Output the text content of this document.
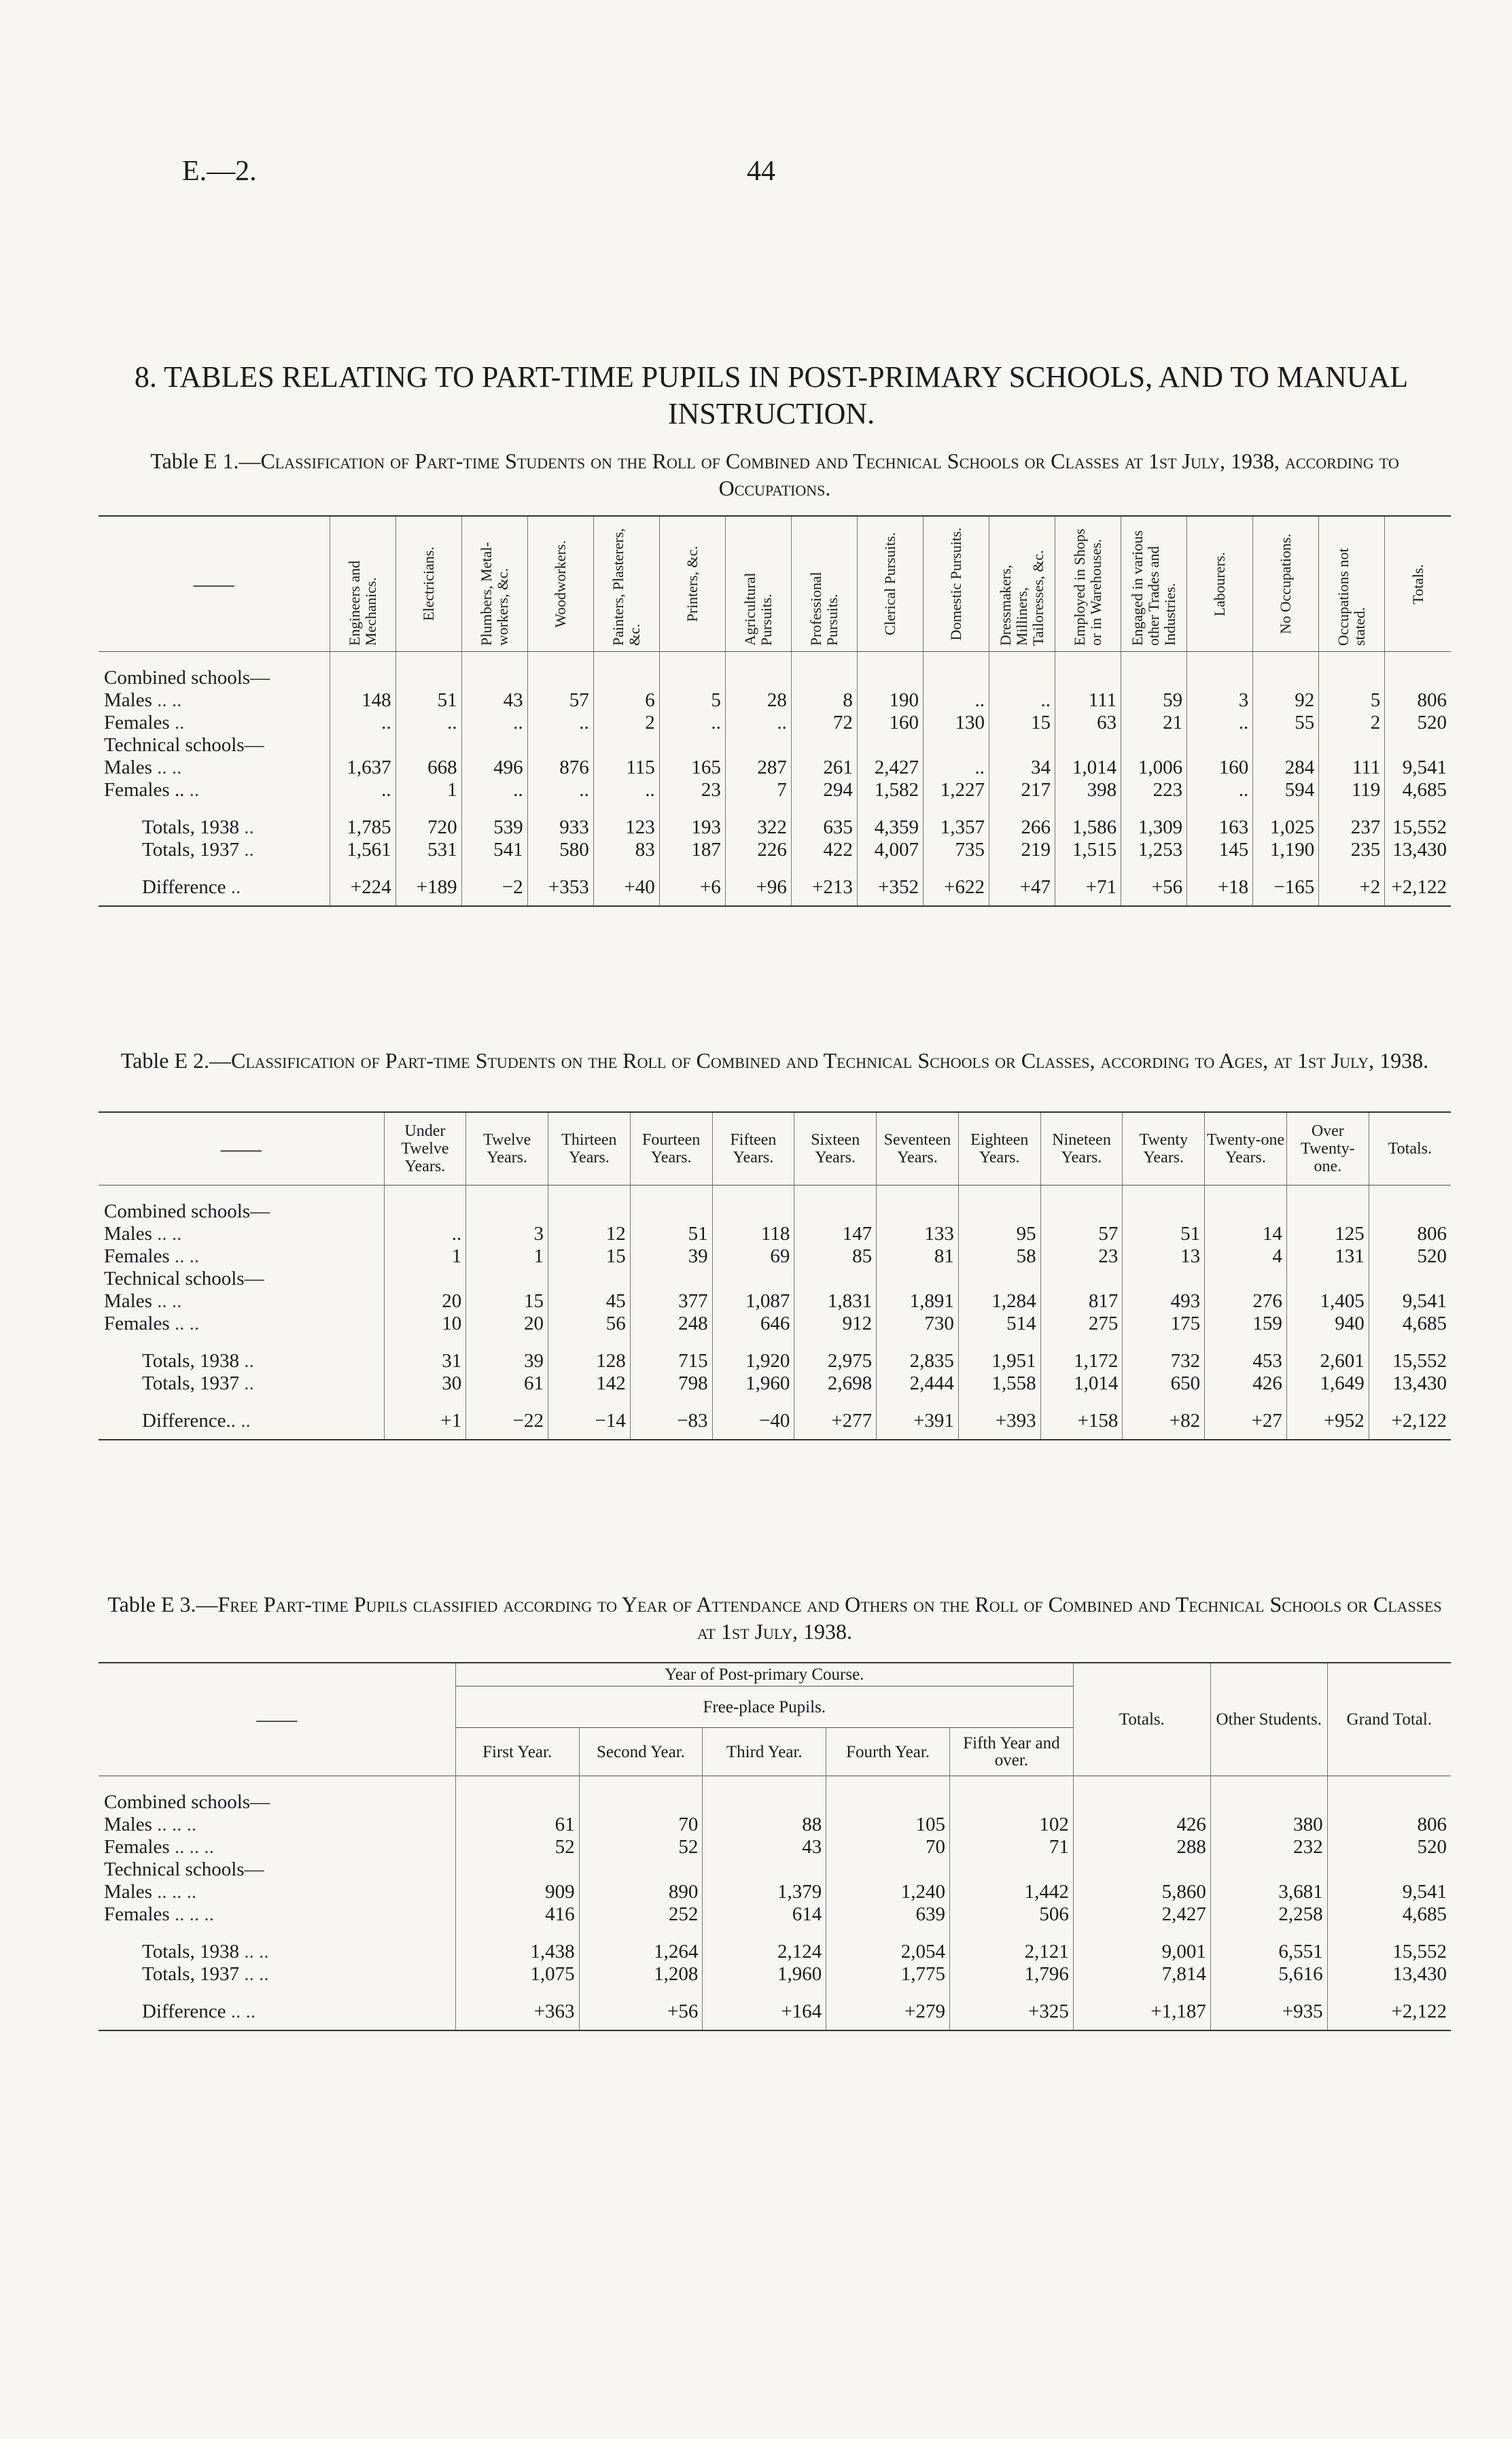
E.—2.	44
8. TABLES RELATING TO PART-TIME PUPILS IN POST-PRIMARY SCHOOLS, AND TO MANUAL INSTRUCTION.
Table E 1.—Classification of Part-time Students on the Roll of Combined and Technical Schools or Classes at 1st July, 1938, according to Occupations.
——	Engineers and Mechanics.	Electricians.	Plumbers, Metal-workers, &c.	Woodworkers.	Painters, Plasterers, &c.	Printers, &c.	Agricultural Pursuits.	Professional Pursuits.	Clerical Pursuits.	Domestic Pursuits.	Dressmakers, Milliners, Tailoresses, &c.	Employed in Shops or in Warehouses.	Engaged in various other Trades and Industries.	Labourers.	No Occupations.	Occupations not stated.	Totals.

Combined schools—																	
Males .. ..	148	51	43	57	6	5	28	8	190	..	..	111	59	3	92	5	806
Females ..	..	..	..	..	2	..	..	72	160	130	15	63	21	..	55	2	520
Technical schools—																	
Males .. ..	1,637	668	496	876	115	165	287	261	2,427	..	34	1,014	1,006	160	284	111	9,541
Females .. ..	..	1	..	..	..	23	7	294	1,582	1,227	217	398	223	..	594	119	4,685

Totals, 1938 ..	1,785	720	539	933	123	193	322	635	4,359	1,357	266	1,586	1,309	163	1,025	237	15,552
Totals, 1937 ..	1,561	531	541	580	83	187	226	422	4,007	735	219	1,515	1,253	145	1,190	235	13,430

Difference ..	+224	+189	−2	+353	+40	+6	+96	+213	+352	+622	+47	+71	+56	+18	−165	+2	+2,122
Table E 2.—Classification of Part-time Students on the Roll of Combined and Technical Schools or Classes, according to Ages, at 1st July, 1938.
——	Under Twelve Years.	Twelve Years.	Thirteen Years.	Fourteen Years.	Fifteen Years.	Sixteen Years.	Seventeen Years.	Eighteen Years.	Nineteen Years.	Twenty Years.	Twenty-one Years.	Over Twenty-one.	Totals.

Combined schools—													
Males .. ..	..	3	12	51	118	147	133	95	57	51	14	125	806
Females .. ..	1	1	15	39	69	85	81	58	23	13	4	131	520
Technical schools—													
Males .. ..	20	15	45	377	1,087	1,831	1,891	1,284	817	493	276	1,405	9,541
Females .. ..	10	20	56	248	646	912	730	514	275	175	159	940	4,685

Totals, 1938 ..	31	39	128	715	1,920	2,975	2,835	1,951	1,172	732	453	2,601	15,552
Totals, 1937 ..	30	61	142	798	1,960	2,698	2,444	1,558	1,014	650	426	1,649	13,430

Difference.. ..	+1	−22	−14	−83	−40	+277	+391	+393	+158	+82	+27	+952	+2,122
Table E 3.—Free Part-time Pupils classified according to Year of Attendance and Others on the Roll of Combined and Technical Schools or Classes at 1st July, 1938.
——	Year of Post-primary Course.					Totals.	Other Students.	Grand Total.
	Free-place Pupils.							
	First Year.	Second Year.	Third Year.	Fourth Year.	Fifth Year and over.			

Combined schools—								
Males .. .. ..	61	70	88	105	102	426	380	806
Females .. .. ..	52	52	43	70	71	288	232	520
Technical schools—								
Males .. .. ..	909	890	1,379	1,240	1,442	5,860	3,681	9,541
Females .. .. ..	416	252	614	639	506	2,427	2,258	4,685

Totals, 1938 .. ..	1,438	1,264	2,124	2,054	2,121	9,001	6,551	15,552
Totals, 1937 .. ..	1,075	1,208	1,960	1,775	1,796	7,814	5,616	13,430

Difference .. ..	+363	+56	+164	+279	+325	+1,187	+935	+2,122
